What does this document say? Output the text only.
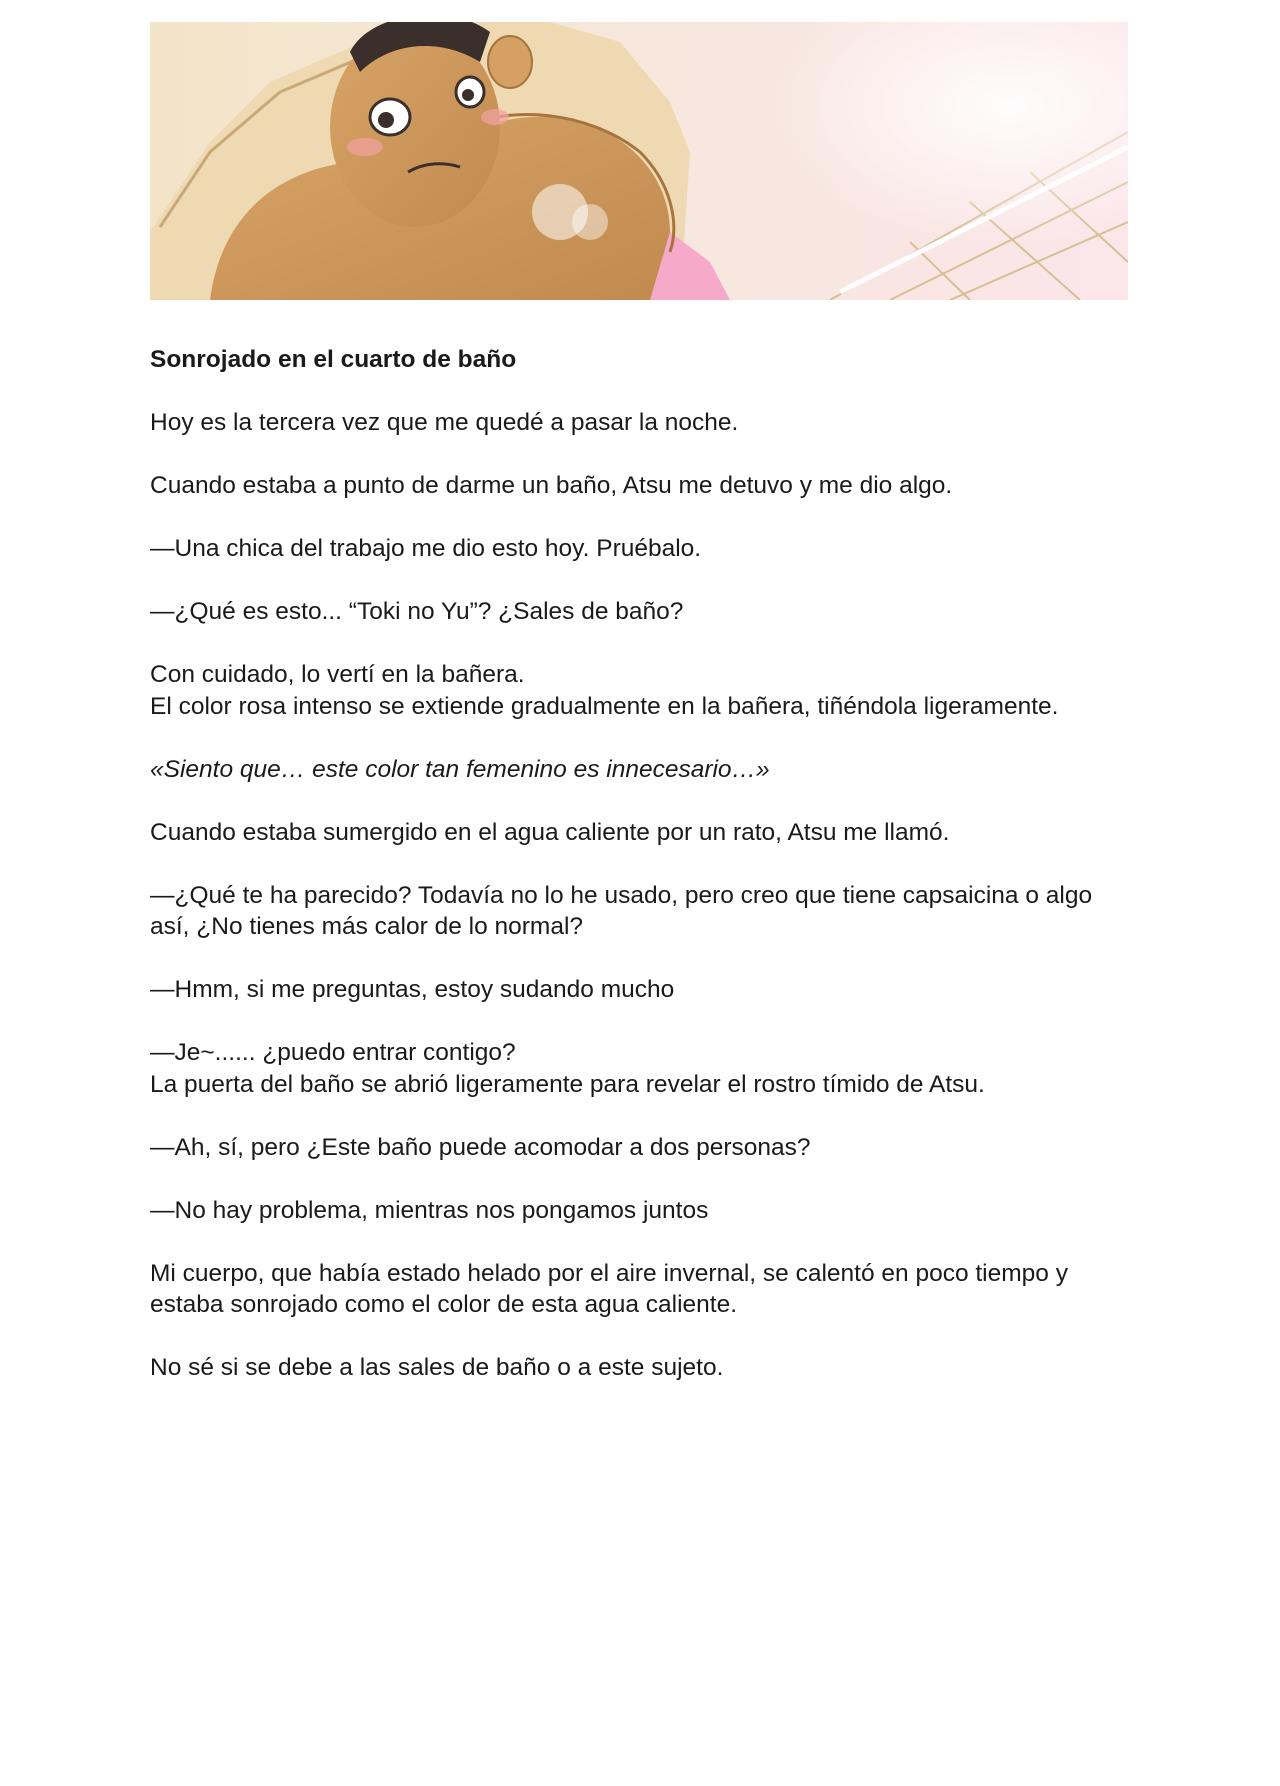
Sonrojado en el cuarto de baño
Hoy es la tercera vez que me quedé a pasar la noche.
Cuando estaba a punto de darme un baño, Atsu me detuvo y me dio algo.
—Una chica del trabajo me dio esto hoy. Pruébalo.
—¿Qué es esto... “Toki no Yu”? ¿Sales de baño?
Con cuidado, lo vertí en la bañera.
El color rosa intenso se extiende gradualmente en la bañera, tiñéndola ligeramente.
«Siento que… este color tan femenino es innecesario…»
Cuando estaba sumergido en el agua caliente por un rato, Atsu me llamó.
—¿Qué te ha parecido? Todavía no lo he usado, pero creo que tiene capsaicina o algo
así, ¿No tienes más calor de lo normal?
—Hmm, si me preguntas, estoy sudando mucho
—Je~...... ¿puedo entrar contigo?
La puerta del baño se abrió ligeramente para revelar el rostro tímido de Atsu.
—Ah, sí, pero ¿Este baño puede acomodar a dos personas?
—No hay problema, mientras nos pongamos juntos
Mi cuerpo, que había estado helado por el aire invernal, se calentó en poco tiempo y
estaba sonrojado como el color de esta agua caliente.
No sé si se debe a las sales de baño o a este sujeto.
